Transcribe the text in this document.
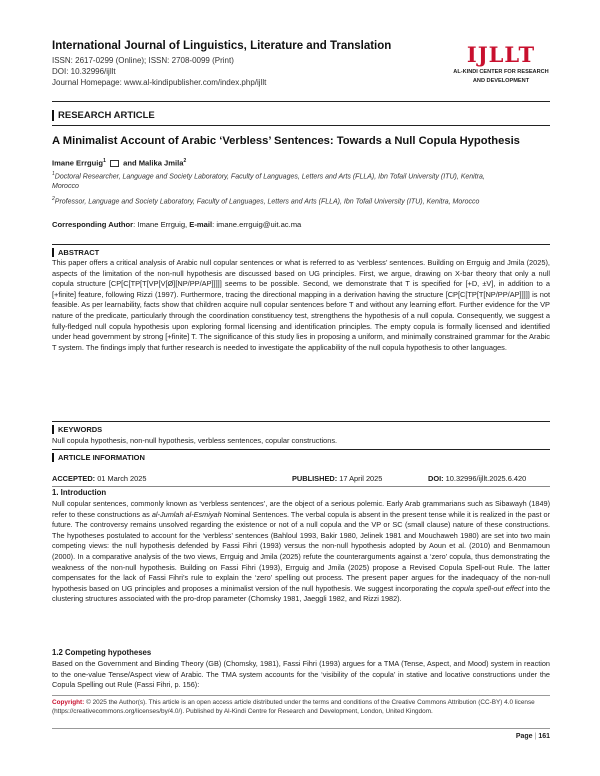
International Journal of Linguistics, Literature and Translation
ISSN: 2617-0299 (Online); ISSN: 2708-0099 (Print)
DOI: 10.32996/ijllt
Journal Homepage: www.al-kindipublisher.com/index.php/ijllt
IJLLT
AL-KINDI CENTER FOR RESEARCH
AND DEVELOPMENT
RESEARCH ARTICLE
A Minimalist Account of Arabic ‘Verbless’ Sentences: Towards a Null Copula Hypothesis
Imane Errguig$^1$ and Malika Jmila$^2$
$^1$Doctoral Researcher, Language and Society Laboratory, Faculty of Languages, Letters and Arts (FLLA), Ibn Tofail University (ITU), Kenitra, Morocco
$^2$Professor, Language and Society Laboratory, Faculty of Languages, Letters and Arts (FLLA), Ibn Tofail University (ITU), Kenitra, Morocco
Corresponding Author: Imane Errguig, E-mail: imane.errguig@uit.ac.ma
ABSTRACT
This paper offers a critical analysis of Arabic null copular sentences or what is referred to as ‘verbless’ sentences. Building on Errguig and Jmila (2025), aspects of the limitation of the non-null hypothesis are discussed based on UG principles. First, we argue, drawing on X-bar theory that only a null copula structure [CP[C[TP[T[VP[V[Ø][NP/PP/AP]]]]] seems to be possible. Second, we demonstrate that T is specified for [+D, ±V], in addition to a [+finite] feature, following Rizzi (1997). Furthermore, tracing the directional mapping in a derivation having the structure [CP[C[TP[T[NP/PP/AP]]]]] is not feasible. As per learnability, facts show that children acquire null copular sentences before T and without any learning effort. Further evidence for the VP nature of the predicate, particularly through the coordination constituency test, strengthens the hypothesis of a null copula. Consequently, we suggest a fully-fledged null copula hypothesis upon exploring formal licensing and identification principles. The empty copula is formally licensed and identified under head government by strong [+finite] T. The significance of this study lies in proposing a uniform, and minimally constrained grammar for the Arabic T system. The findings imply that further research is needed to investigate the applicability of the null copula hypothesis to other languages.
KEYWORDS
Null copula hypothesis, non-null hypothesis, verbless sentences, copular constructions.
ARTICLE INFORMATION
ACCEPTED: 01 March 2025	PUBLISHED: 17 April 2025	DOI: 10.32996/ijllt.2025.6.420
1. Introduction
Null copular sentences, commonly known as ‘verbless sentences’, are the object of a serious polemic. Early Arab grammarians such as Sibawayh (1849) refer to these constructions as al-Jumlah al-Esmiyah Nominal Sentences. The verbal copula is absent in the present tense while it is realized in the past or future. The controversy remains unsolved regarding the existence or not of a null copula and the VP or SC (small clause) nature of these constructions. The hypotheses postulated to account for the ‘verbless’ sentences (Bahloul 1993, Bakir 1980, Jelinek 1981 and Mouchaweh 1980) are set into two main competing views: the null hypothesis defended by Fassi Fihri (1993) versus the non-null hypothesis adopted by Aoun et al. (2010) and Benmamoun (2000). In a comparative analysis of the two views, Errguig and Jmila (2025) refute the counterarguments against a ‘zero’ copula, thus demonstrating the weakness of the non-null hypothesis. Building on Fassi Fihri (1993), Errguig and Jmila (2025) propose a Revised Copula Spell-out Rule. The latter compensates for the lack of Fassi Fihri’s rule to explain the ‘zero’ spelling out process. The present paper argues for the inadequacy of the non-null hypothesis based on UG principles and proposes a minimalist version of the null hypothesis. We suggest incorporating the copula spell-out effect into the clustering structures associated with the pro-drop parameter (Chomsky 1981, Jaeggli 1982, and Rizzi 1982).
1.2 Competing hypotheses
Based on the Government and Binding Theory (GB) (Chomsky, 1981), Fassi Fihri (1993) argues for a TMA (Tense, Aspect, and Mood) system in reaction to the one-value Tense/Aspect view of Arabic. The TMA system accounts for the ‘visibility of the copula’ in stative and locative constructions under the Copula Spelling out Rule (Fassi Fihri, p. 156):
Copyright: © 2025 the Author(s). This article is an open access article distributed under the terms and conditions of the Creative Commons Attribution (CC-BY) 4.0 license (https://creativecommons.org/licenses/by/4.0/). Published by Al-Kindi Centre for Research and Development, London, United Kingdom.
Page | 161
